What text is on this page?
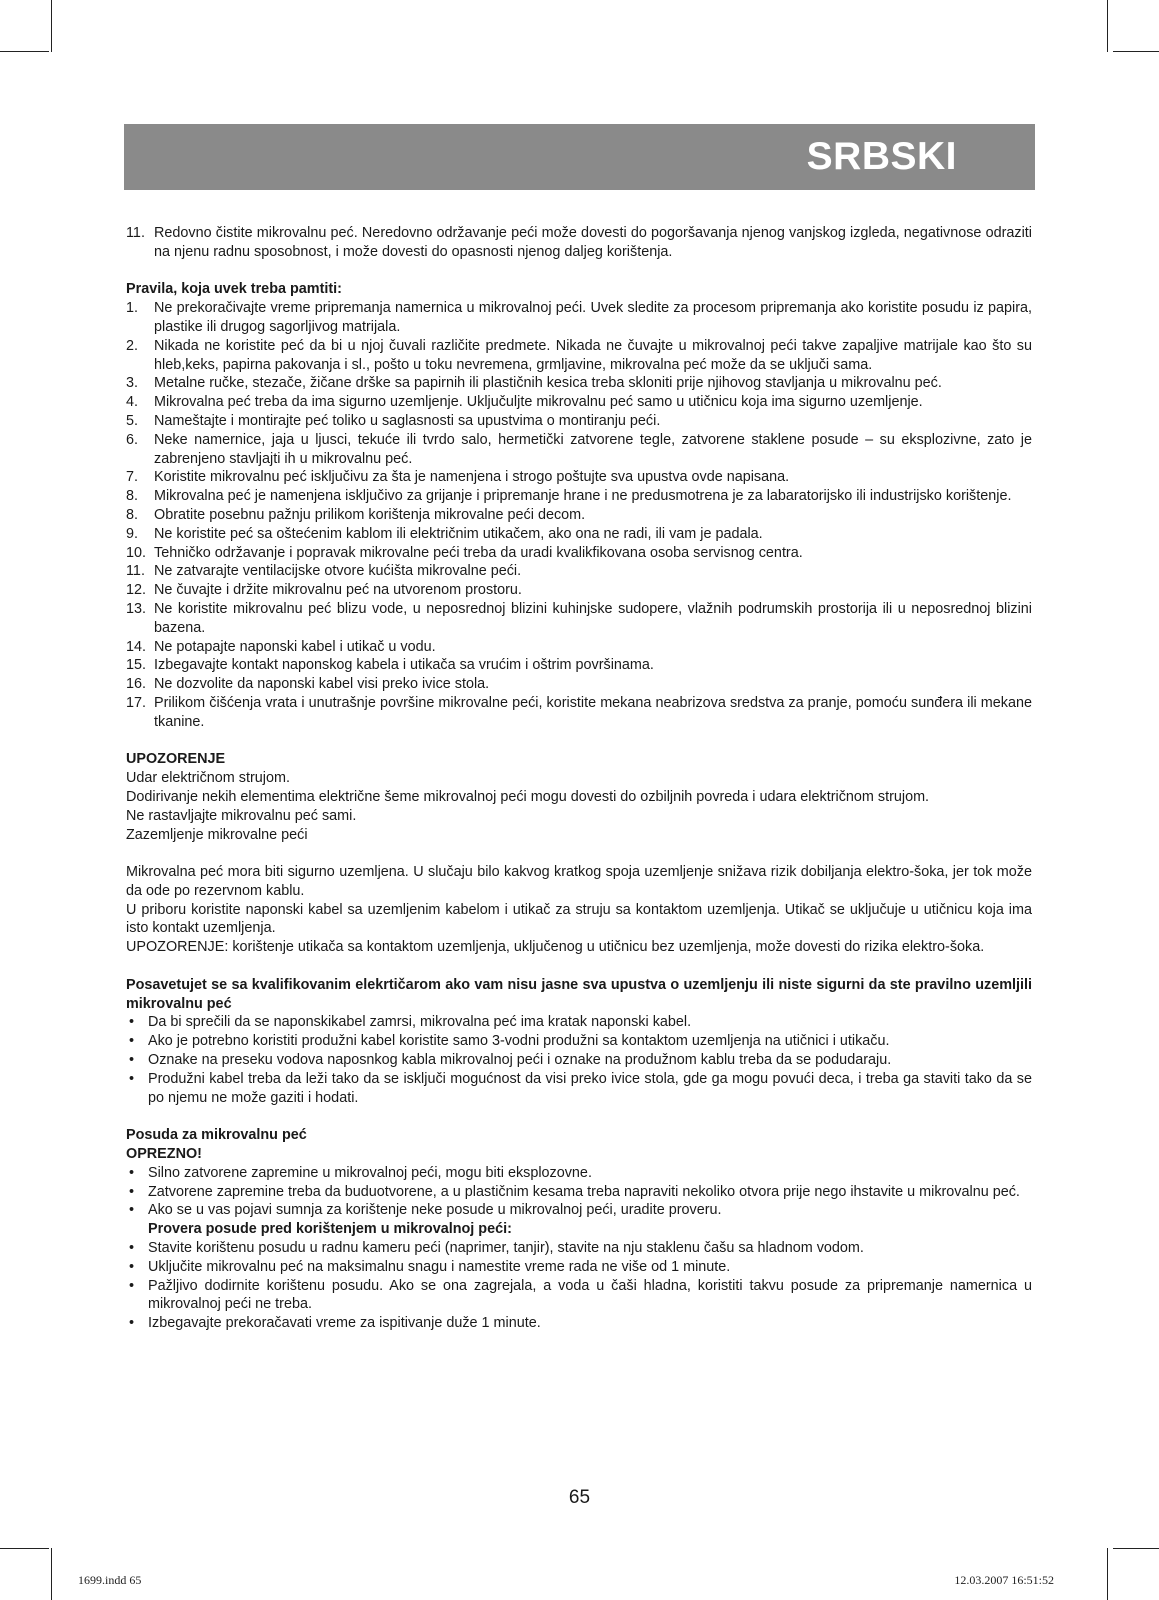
SRBSKI
11. Redovno čistite mikrovalnu peć. Neredovno održavanje peći može dovesti do pogoršavanja njenog vanjskog izgleda, negativnose odraziti na njenu radnu sposobnost, i može dovesti do opasnosti njenog daljeg korištenja.
Pravila, koja uvek treba pamtiti:
1. Ne prekoračivajte vreme pripremanja namernica u mikrovalnoj peći. Uvek sledite za procesom pripremanja ako koristite posudu iz papira, plastike ili drugog sagorljivog matrijala.
2. Nikada ne koristite peć da bi u njoj čuvali različite predmete. Nikada ne čuvajte u mikrovalnoj peći takve zapaljive matrijale kao što su hleb,keks, papirna pakovanja i sl., pošto u toku nevremena, grmljavine, mikrovalna peć može da se uključi sama.
3. Metalne ručke, stezače, žičane drške sa papirnih ili plastičnih kesica treba skloniti prije njihovog stavljanja u mikrovalnu peć.
4. Mikrovalna peć treba da ima sigurno uzemljenje. Uključuljte mikrovalnu peć samo u utičnicu koja ima sigurno uzemljenje.
5. Nameštajte i montirajte peć toliko u saglasnosti sa upustvima o montiranju peći.
6. Neke namernice, jaja u ljusci, tekuće ili tvrdo salo, hermetički zatvorene tegle, zatvorene staklene posude – su eksplozivne, zato je zabrenjeno stavljajti ih u mikrovalnu peć.
7. Koristite mikrovalnu peć isključivu za šta je namenjena i strogo poštujte sva upustva ovde napisana.
8. Mikrovalna peć je namenjena isključivo za grijanje i pripremanje hrane i ne predusmotrena je za labaratorijsko ili industrijsko korištenje.
8. Obratite posebnu pažnju prilikom korištenja mikrovalne peći decom.
9. Ne koristite peć sa oštećenim kablom ili električnim utikačem, ako ona ne radi, ili vam je padala.
10. Tehničko održavanje i popravak mikrovalne peći treba da uradi kvalikfikovana osoba servisnog centra.
11. Ne zatvarajte ventilacijske otvore kućišta mikrovalne peći.
12. Ne čuvajte i držite mikrovalnu peć na utvorenom prostoru.
13. Ne koristite mikrovalnu peć blizu vode, u neposrednoj blizini kuhinjske sudopere, vlažnih podrumskih prostorija ili u neposrednoj blizini bazena.
14. Ne potapajte naponski kabel i utikač u vodu.
15. Izbegavajte kontakt naponskog kabela i utikača sa vrućim i oštrim površinama.
16. Ne dozvolite da naponski kabel visi preko ivice stola.
17. Prilikom čišćenja vrata i unutrašnje površine mikrovalne peći, koristite mekana neabrizova sredstva za pranje, pomoću sunđera ili mekane tkanine.
UPOZORENJE
Udar električnom strujom.
Dodirivanje nekih elementima električne šeme mikrovalnoj peći mogu dovesti do ozbiljnih povreda i udara električnom strujom.
Ne rastavljajte mikrovalnu peć sami.
Zazemljenje mikrovalne peći
Mikrovalna peć mora biti sigurno uzemljena. U slučaju bilo kakvog kratkog spoja uzemljenje snižava rizik dobiljanja elektro-šoka, jer tok može da ode po rezervnom kablu.
U priboru koristite naponski kabel sa uzemljenim kabelom i utikač za struju sa kontaktom uzemljenja. Utikač se uključuje u utičnicu koja ima isto kontakt uzemljenja.
UPOZORENJE: korištenje utikača sa kontaktom uzemljenja, uključenog u utičnicu bez uzemljenja, može dovesti do rizika elektro-šoka.
Posavetujet se sa kvalifikovanim elekrtičarom ako vam nisu jasne sva upustva o uzemljenju ili niste sigurni da ste pravilno uzemljili mikrovalnu peć
• Da bi sprečili da se naponskikabel zamrsi, mikrovalna peć ima kratak naponski kabel.
• Ako je potrebno koristiti produžni kabel koristite samo 3-vodni produžni sa kontaktom uzemljenja na utičnici i utikaču.
• Oznake na preseku vodova naposnkog kabla mikrovalnoj peći i oznake na produžnom kablu treba da se podudaraju.
• Produžni kabel treba da leži tako da se isključi mogućnost da visi preko ivice stola, gde ga mogu povući deca, i treba ga staviti tako da se po njemu ne može gaziti i hodati.
Posuda za mikrovalnu peć
OPREZNO!
• Silno zatvorene zapremine u mikrovalnoj peći, mogu biti eksplozovne.
• Zatvorene zapremine treba da buduotvorene, a u plastičnim kesama treba napraviti nekoliko otvora prije nego ihstavite u mikrovalnu peć.
• Ako se u vas pojavi sumnja za korištenje neke posude u mikrovalnoj peći, uradite proveru.
Provera posude pred korištenjem u mikrovalnoj peći:
• Stavite korištenu posudu u radnu kameru peći (naprimer, tanjir), stavite na nju staklenu čašu sa hladnom vodom.
• Uključite mikrovalnu peć na maksimalnu snagu i namestite vreme rada ne više od 1 minute.
• Pažljivo dodirnite korištenu posudu. Ako se ona zagrejala, a voda u čaši hladna, koristiti takvu posude za pripremanje namernica u mikrovalnoj peći ne treba.
• Izbegavajte prekoračavati vreme za ispitivanje duže 1 minute.
65
1699.indd 65	12.03.2007 16:51:52
